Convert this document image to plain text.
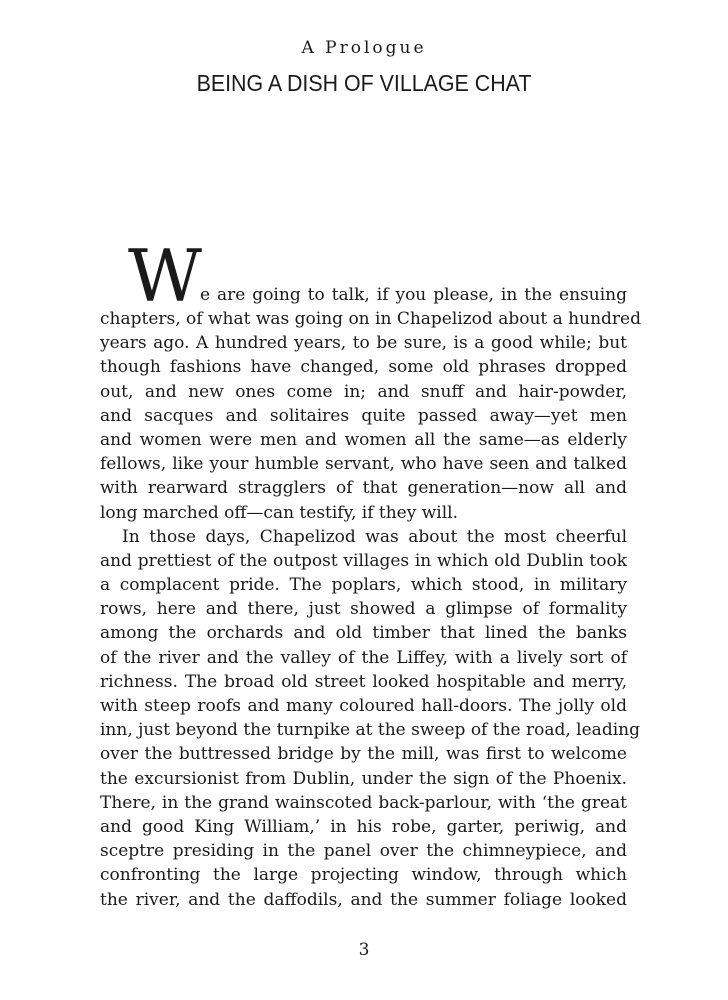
A Prologue
BEING A DISH OF VILLAGE CHAT
W e are going to talk, if you please, in the ensuing
chapters, of what was going on in Chapelizod about a hundred
years ago. A hundred years, to be sure, is a good while; but
though fashions have changed, some old phrases dropped
out, and new ones come in; and snuff and hair-powder,
and sacques and solitaires quite passed away—yet men
and women were men and women all the same—as elderly
fellows, like your humble servant, who have seen and talked
with rearward stragglers of that generation—now all and
long marched off—can testify, if they will.
In those days, Chapelizod was about the most cheerful
and prettiest of the outpost villages in which old Dublin took
a complacent pride. The poplars, which stood, in military
rows, here and there, just showed a glimpse of formality
among the orchards and old timber that lined the banks
of the river and the valley of the Liffey, with a lively sort of
richness. The broad old street looked hospitable and merry,
with steep roofs and many coloured hall-doors. The jolly old
inn, just beyond the turnpike at the sweep of the road, leading
over the buttressed bridge by the mill, was first to welcome
the excursionist from Dublin, under the sign of the Phoenix.
There, in the grand wainscoted back-parlour, with ‘the great
and good King William,’ in his robe, garter, periwig, and
sceptre presiding in the panel over the chimneypiece, and
confronting the large projecting window, through which
the river, and the daffodils, and the summer foliage looked
3
